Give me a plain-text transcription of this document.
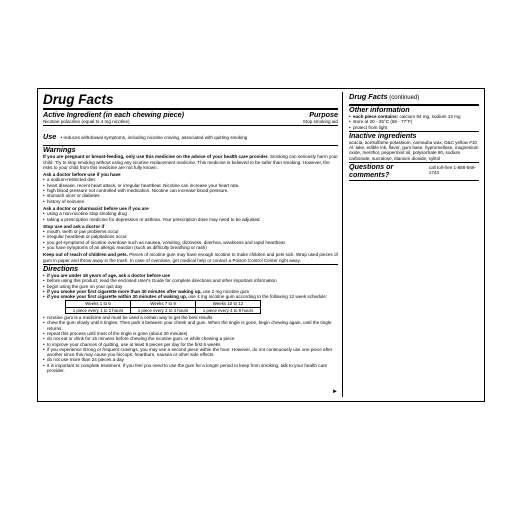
Drug Facts
Active Ingredient (in each chewing piece)	Purpose
Nicotine polacrilex (equal to 4 mg nicotine)	Stop smoking aid
Use • reduces withdrawal symptoms, including nicotine craving, associated with quitting smoking
Warnings
If you are pregnant or breast-feeding, only use this medicine on the advice of your health care provider. Smoking can seriously harm your child. Try to stop smoking without using any nicotine replacement medicine. This medicine is believed to be safer than smoking. However, the risks to your child from this medicine are not fully known.
Ask a doctor before use if you have
• a sodium-restricted diet
• heart disease, recent heart attack, or irregular heartbeat. Nicotine can increase your heart rate.
• high blood pressure not controlled with medication. Nicotine can increase blood pressure.
• stomach ulcer or diabetes
• history of seizures
Ask a doctor or pharmacist before use if you are
• using a non-nicotine stop smoking drug
• taking a prescription medicine for depression or asthma. Your prescription dose may need to be adjusted.
Stop use and ask a doctor if
• mouth, teeth or jaw problems occur
• irregular heartbeat or palpitations occur
• you get symptoms of nicotine overdose such as nausea, vomiting, dizziness, diarrhea, weakness and rapid heartbeat
• you have symptoms of an allergic reaction (such as difficulty breathing or rash)
Keep out of reach of children and pets. Pieces of nicotine gum may have enough nicotine to make children and pets sick. Wrap used pieces of gum in paper and throw away in the trash. In case of overdose, get medical help or contact a Poison Control Center right away.
Directions
• if you are under 18 years of age, ask a doctor before use
• before using this product, read the enclosed User's Guide for complete directions and other important information
• begin using the gum on your quit day
• if you smoke your first cigarette more than 30 minutes after waking up, use 2 mg nicotine gum
• if you smoke your first cigarette within 30 minutes of waking up, use 4 mg nicotine gum according to the following 12 week schedule:
Weeks 1 to 6	Weeks 7 to 9	Weeks 10 to 12
1 piece every 1 to 2 hours	1 piece every 2 to 4 hours	1 piece every 4 to 8 hours
• nicotine gum is a medicine and must be used a certain way to get the best results
• chew the gum slowly until it tingles. Then park it between your cheek and gum. When the tingle is gone, begin chewing again, until the tingle returns.
• repeat this process until most of the tingle is gone (about 30 minutes)
• do not eat or drink for 15 minutes before chewing the nicotine gum, or while chewing a piece
• to improve your chances of quitting, use at least 9 pieces per day for the first 6 weeks
• if you experience strong or frequent cravings, you may use a second piece within the hour. However, do not continuously use one piece after another since this may cause you hiccups, heartburn, nausea or other side effects.
• do not use more than 24 pieces a day
• it is important to complete treatment. If you feel you need to use the gum for a longer period to keep from smoking, talk to your health care provider.
►
Drug Facts (continued)
Other information
• each piece contains: calcium 94 mg, sodium 13 mg
• store at 20 - 25°C (68 - 77°F)
• protect from light
Inactive ingredients
acacia, acesulfame potassium, carnauba wax, D&C yellow #10 Al. lake, edible ink, flavor, gum base, hypromellose, magnesium oxide, menthol, peppermint oil, polysorbate 80, sodium carbonate, sucralose, titanium dioxide, xylitol
Questions or comments?
call toll-free 1-888-569-1743
